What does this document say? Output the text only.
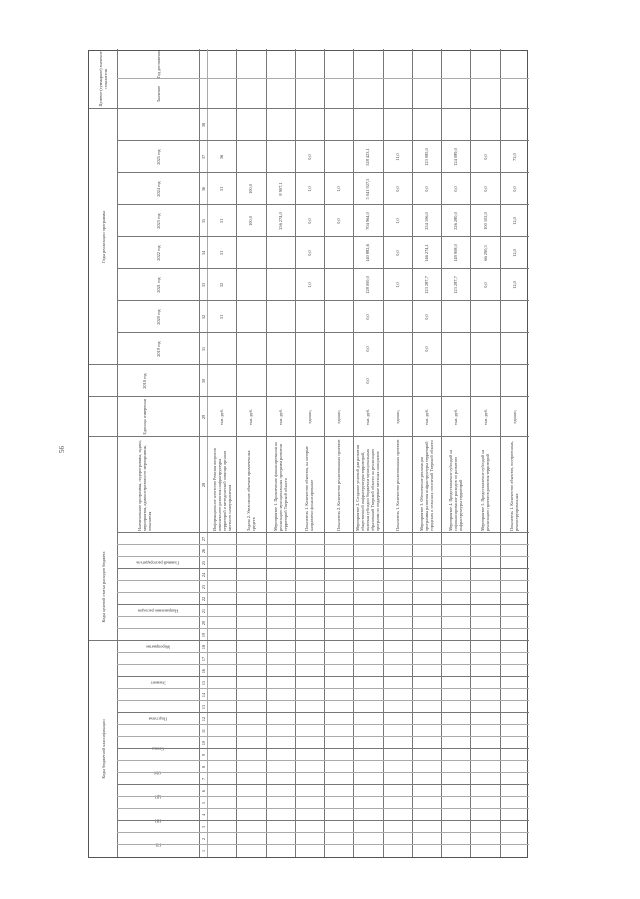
56
Коды бюджетной классификации
Коды целевой статьи расходов бюджета
Наименование программы, подпрограммы, задачи, мероприятия, административного мероприятия, показателя
Единица измерения
Годы реализации программы
2018 год
Целевое (суммарное) значение показателя
Значение
Год достижения
2019 год
2020 год
2021 год
2022 год
2023 год
2024 год
2025 год
ГП
ПП
ЦП
ОМ
Статья
Подстатья
Элемент
Мероприятие
Направление расходов
Главный распорядитель
1
2
3
4
5
6
7
8
9
10
11
12
13
14
15
16
17
18
19
20
21
22
23
24
25
26
27
28
29
30
31
32
33
34
35
36
37
38
Информационное агентство Ревизия вопросов комплексного развития инфраструктуры территорий и методической помощи органов местного самоуправления
тыс. руб.
31
32
31
31
31
36
Задача 2. Увеличение объемов привлеченных средств
тыс. руб.
100,0
100,0
Мероприятие 1. Привлечение финансирования на реализацию муниципальных программ развития территорий Тверской области
тыс. руб.
256 274,0
8 907,1
Показатель 1. Количество объектов, на которые направлено финансирование
единиц
1,0
0,0
0,0
1,0
0,0
Показатель 2. Количество реализованных проектов
единиц
0,0
1,0
Мероприятие 2. Создание условий для развития общественной инфраструктуры территорий, включая субсидии бюджетам муниципальных образований Тверской области на реализацию программ по поддержке местных инициатив
тыс. руб.
0,0
0,0
0,0
128 000,0
140 882,6
704 964,0
5 041 927,5
528 423,1
Показатель 1. Количество реализованных проектов
единиц
1,0
0,0
1,0
0,0
11,0
Мероприятие 3. Обеспечение реализации программы развития инфраструктуры территорий городских и сельских поселений Тверской области
тыс. руб.
0,0
0,0
123 287,7
146 274,1
254 106,0
0,0
123 085,0
Мероприятие 4. Предоставление субсидий на софинансирование расходов по развитию инфраструктуры территорий
тыс. руб.
123 287,7
149 908,0
226 280,0
0,0
124 089,0
Мероприятие 5. Предоставление субсидий на реализацию проектов развития территорий
тыс. руб.
0,0
66 290,3
100 102,0
0,0
0,0
Показатель 1. Количество объектов, построенных, реконструированных
единиц
12,0
12,0
12,0
0,0
72,0
